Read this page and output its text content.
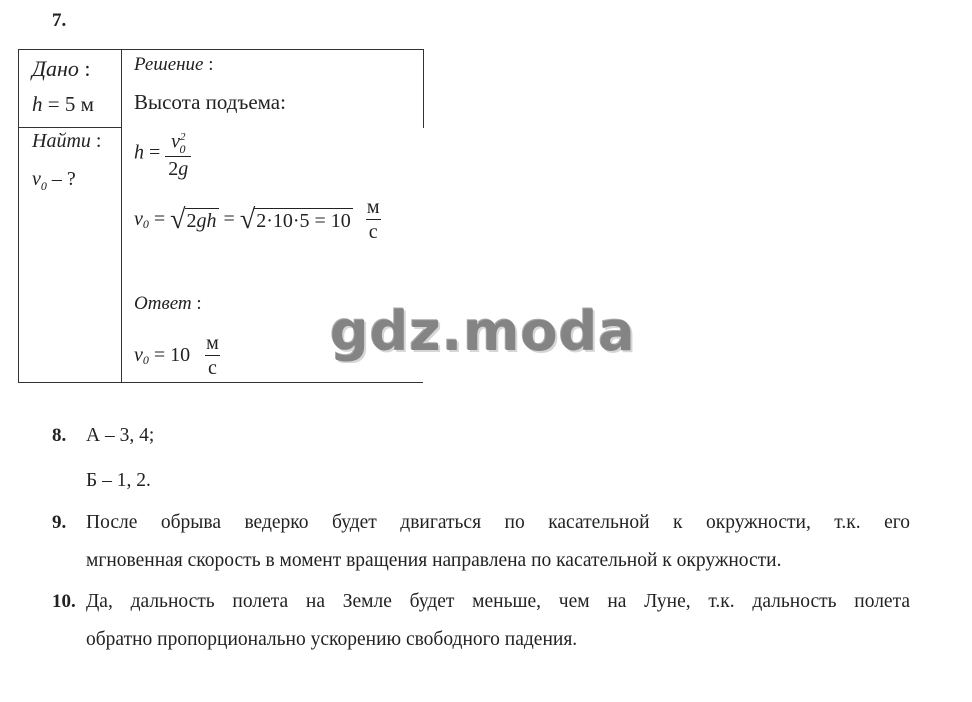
7.
Дано :
h = 5 м
Найти :
$v_0$ – ?
Решение :
Высота подъема:
$h = \frac{v^2_0}{2g}$
$v_0$ = √ 2gh = √ 2·10·5 = 10
$\frac{м}{с}$
Ответ :
$v_0 = 10 \frac{м}{с}$ gdz.moda
8. А – 3, 4;
Б – 1, 2.
9. После обрыва ведерко будет двигаться по касательной к окружности, т.к. его
мгновенная скорость в момент вращения направлена по касательной к окружности.
10. Да, дальность полета на Земле будет меньше, чем на Луне, т.к. дальность полета
обратно пропорционально ускорению свободного падения.
